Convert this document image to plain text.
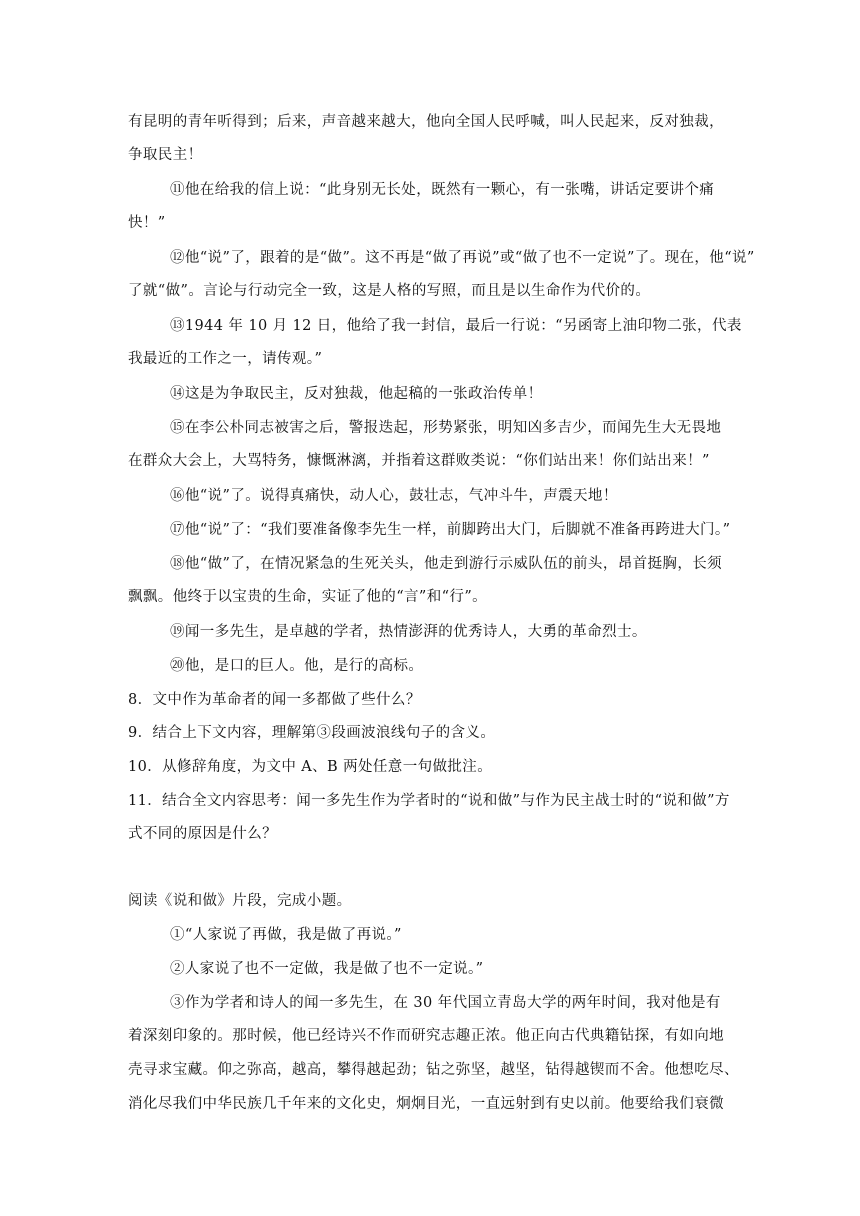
有昆明的青年听得到；后来，声音越来越大，他向全国人民呼喊，叫人民起来，反对独裁，
争取民主！
⑪他在给我的信上说：“此身别无长处，既然有一颗心，有一张嘴，讲话定要讲个痛
快！”
⑫他“说”了，跟着的是“做”。这不再是“做了再说”或“做了也不一定说”了。现在，他“说”
了就“做”。言论与行动完全一致，这是人格的写照，而且是以生命作为代价的。
⑬1944 年 10 月 12 日，他给了我一封信，最后一行说：“另函寄上油印物二张，代表
我最近的工作之一，请传观。”
⑭这是为争取民主，反对独裁，他起稿的一张政治传单！
⑮在李公朴同志被害之后，警报迭起，形势紧张，明知凶多吉少，而闻先生大无畏地
在群众大会上，大骂特务，慷慨淋漓，并指着这群败类说：“你们站出来！你们站出来！”
⑯他“说”了。说得真痛快，动人心，鼓壮志，气冲斗牛，声震天地！
⑰他“说”了：“我们要准备像李先生一样，前脚跨出大门，后脚就不准备再跨进大门。”
⑱他“做”了，在情况紧急的生死关头，他走到游行示威队伍的前头，昂首挺胸，长须
飘飘。他终于以宝贵的生命，实证了他的“言”和“行”。
⑲闻一多先生，是卓越的学者，热情澎湃的优秀诗人，大勇的革命烈士。
⑳他，是口的巨人。他，是行的高标。
8．文中作为革命者的闻一多都做了些什么？
9．结合上下文内容，理解第③段画波浪线句子的含义。
10．从修辞角度，为文中 A、B 两处任意一句做批注。
11．结合全文内容思考：闻一多先生作为学者时的“说和做”与作为民主战士时的“说和做”方
式不同的原因是什么？
阅读《说和做》片段，完成小题。
①“人家说了再做，我是做了再说。”
②人家说了也不一定做，我是做了也不一定说。”
③作为学者和诗人的闻一多先生，在 30 年代国立青岛大学的两年时间，我对他是有
着深刻印象的。那时候，他已经诗兴不作而研究志趣正浓。他正向古代典籍钻探，有如向地
壳寻求宝藏。仰之弥高，越高，攀得越起劲；钻之弥坚，越坚，钻得越锲而不舍。他想吃尽、
消化尽我们中华民族几千年来的文化史，炯炯目光，一直远射到有史以前。他要给我们衰微
